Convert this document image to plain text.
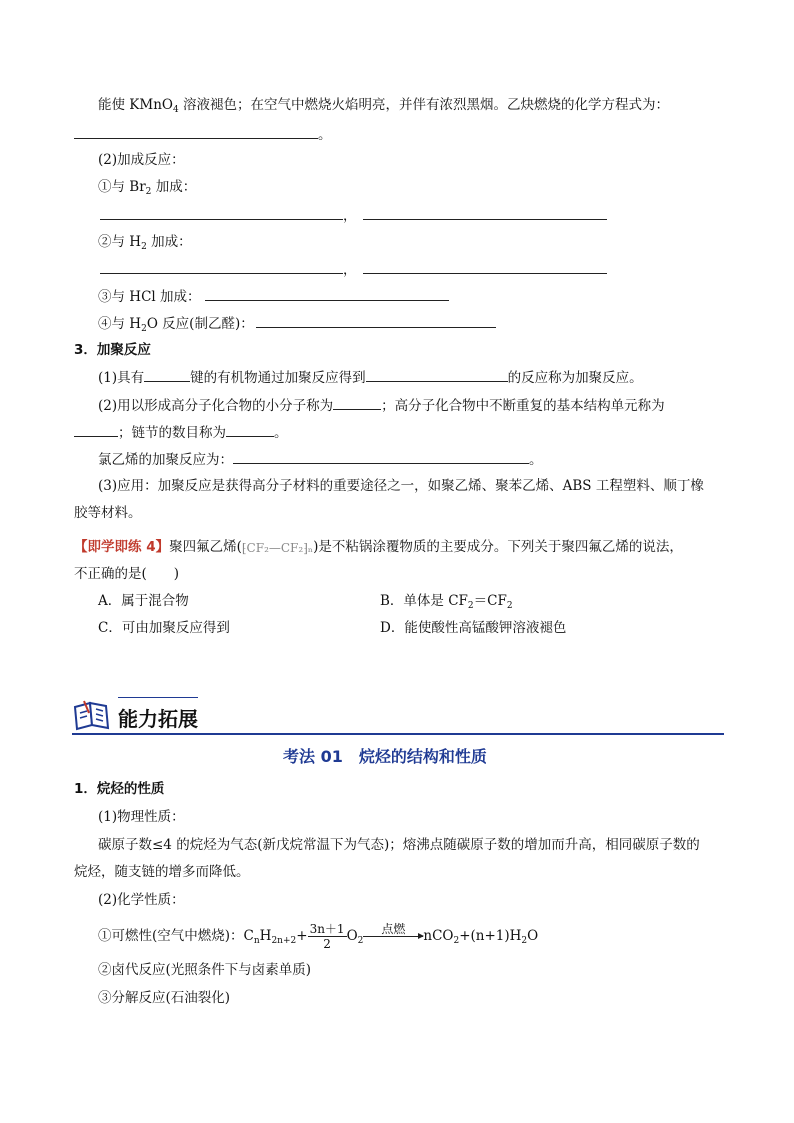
能使 KMnO$_4$ 溶液褪色；在空气中燃烧火焰明亮，并伴有浓烈黑烟。乙炔燃烧的化学方程式为：
。
(2)加成反应：
①与 $Br_2$ 加成：
，
②与 $H_2$ 加成：
，
③与 HCl 加成：
④与 $H_2O$ 反应(制乙醛)：
3．加聚反应
(1)具有	键的有机物通过加聚反应得到	的反应称为加聚反应。
(2)用以形成高分子化合物的小分子称为	；高分子化合物中不断重复的基本结构单元称为
；链节的数目称为	。
氯乙烯的加聚反应为：	。
(3)应用：加聚反应是获得高分子材料的重要途径之一，如聚乙烯、聚苯乙烯、ABS 工程塑料、顺丁橡
胶等材料。
【即学即练 4】聚四氟乙烯(⁅CF₂—CF₂⁆ₙ)是不粘锅涂覆物质的主要成分。下列关于聚四氟乙烯的说法，
不正确的是(　　)
A．属于混合物	B．单体是 $CF_2=CF_2$
C．可由加聚反应得到	D．能使酸性高锰酸钾溶液褪色
能力拓展
考法 01　烷烃的结构和性质
1．烷烃的性质
(1)物理性质：
碳原子数≤4 的烷烃为气态(新戊烷常温下为气态)；熔沸点随碳原子数的增加而升高，相同碳原子数的
烷烃，随支链的增多而降低。
(2)化学性质：
①可燃性(空气中燃烧)：$C_nH_{2n+2}+ \frac{3n+1}{2}O_2$
点燃
	$nCO_2+(n+1)H_2O$
②卤代反应(光照条件下与卤素单质)
③分解反应(石油裂化)
